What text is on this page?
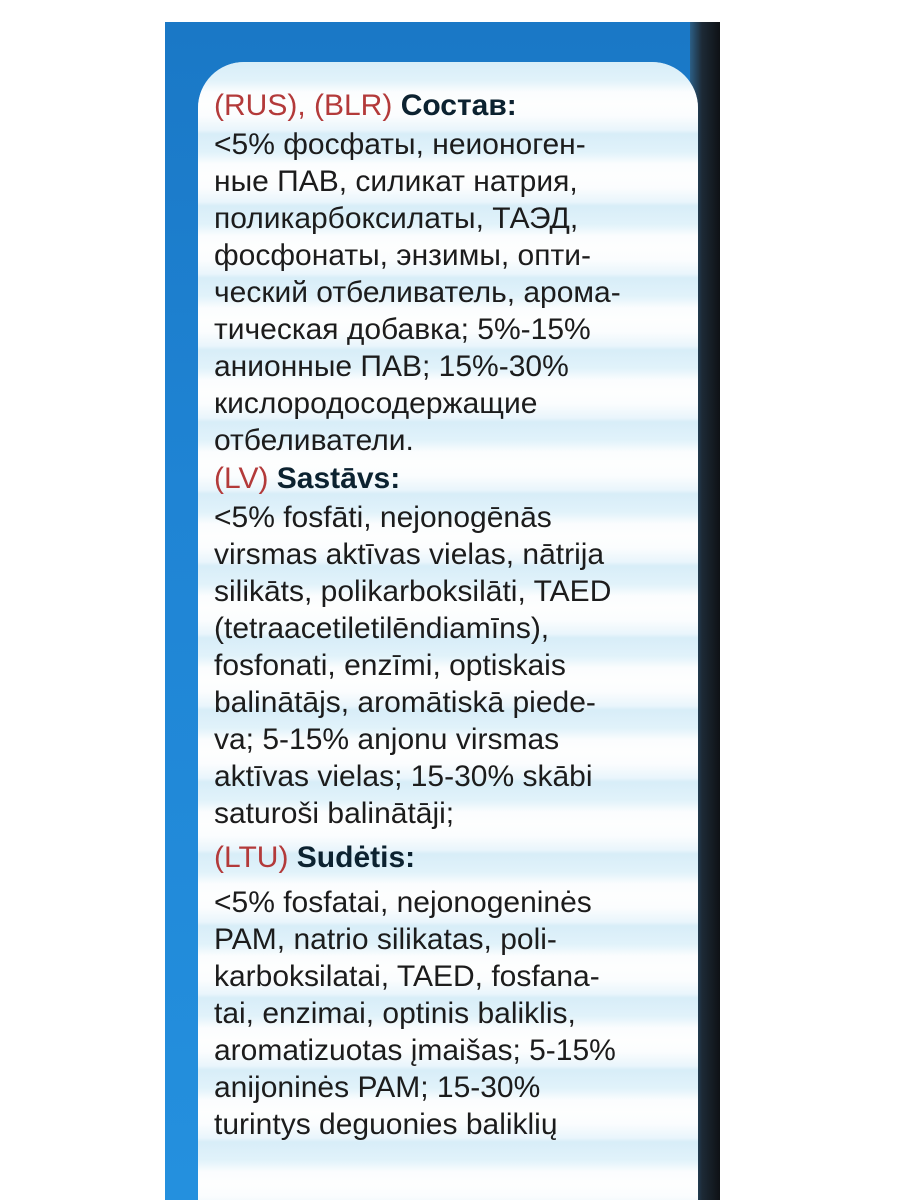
(RUS), (BLR) Состав:

<5% фосфаты, неионоген-

ные ПАВ, силикат натрия,

поликарбоксилаты, ТАЭД,

фосфонаты, энзимы, опти-

ческий отбеливатель, арома-

тическая добавка; 5%-15%

анионные ПАВ; 15%-30%

кислородосодержащие

отбеливатели.

(LV) Sastāvs:

<5% fosfāti, nejonogēnās

virsmas aktīvas vielas, nātrija

silikāts, polikarboksilāti, TAED

(tetraacetiletilēndiamīns),

fosfonati, enzīmi, optiskais

balinātājs, aromātiskā piede-

va; 5-15% anjonu virsmas

aktīvas vielas; 15-30% skābi

saturoši balinātāji;

(LTU) Sudėtis:

<5% fosfatai, nejonogeninės

PAM, natrio silikatas, poli-

karboksilatai, TAED, fosfana-

tai, enzimai, optinis baliklis,

aromatizuotas įmaišas; 5-15%

anijoninės PAM; 15-30%

turintys deguonies baliklių
